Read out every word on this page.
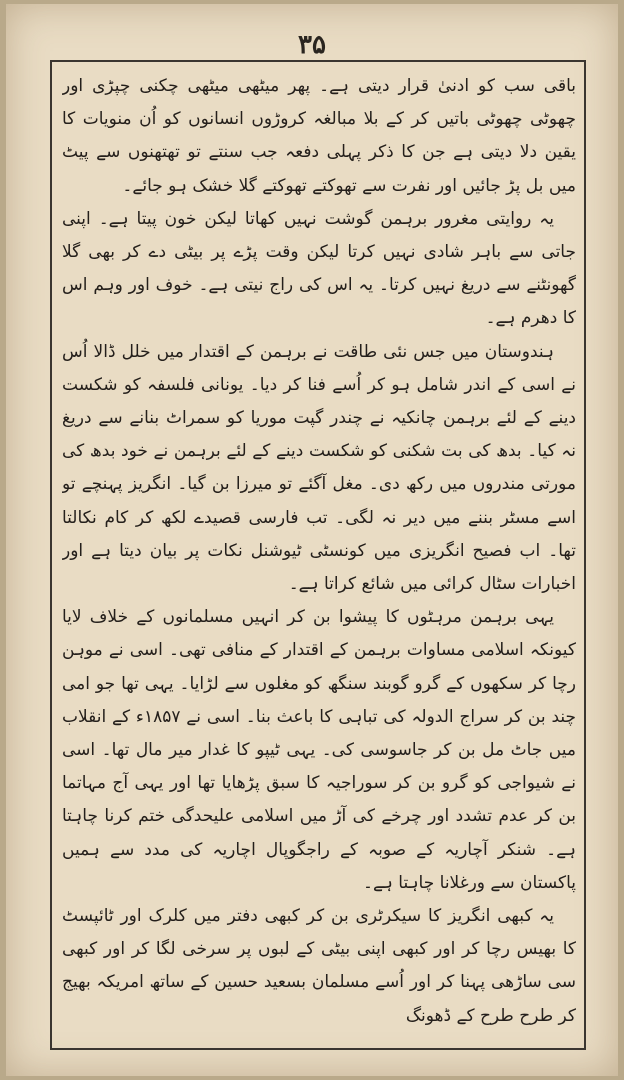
۳۵

باقی سب کو ادنیٰ قرار دیتی ہے۔ پھر میٹھی میٹھی چکنی چپڑی اور چھوٹی چھوٹی باتیں کر کے بلا مبالغہ کروڑوں انسانوں کو اُن منویات کا یقین دلا دیتی ہے جن کا ذکر پہلی دفعہ جب سنتے تو تھتھنوں سے پیٹ میں بل پڑ جائیں اور نفرت سے تھوکتے تھوکتے گلا خشک ہو جائے۔

یہ روایتی مغرور برہمن گوشت نہیں کھاتا لیکن خون پیتا ہے۔ اپنی جاتی سے باہر شادی نہیں کرتا لیکن وقت پڑے پر بیٹی دے کر بھی گلا گھونٹنے سے دریغ نہیں کرتا۔ یہ اس کی راج نیتی ہے۔ خوف اور وہم اس کا دھرم ہے۔

ہندوستان میں جس نئی طاقت نے برہمن کے اقتدار میں خلل ڈالا اُس نے اسی کے اندر شامل ہو کر اُسے فنا کر دیا۔ یونانی فلسفہ کو شکست دینے کے لئے برہمن چانکیہ نے چندر گپت موریا کو سمراٹ بنانے سے دریغ نہ کیا۔ بدھ کی بت شکنی کو شکست دینے کے لئے برہمن نے خود بدھ کی مورتی مندروں میں رکھ دی۔ مغل آگئے تو میرزا بن گیا۔ انگریز پہنچے تو اسے مسٹر بننے میں دیر نہ لگی۔ تب فارسی قصیدے لکھ کر کام نکالتا تھا۔ اب فصیح انگریزی میں کونسٹی ٹیوشنل نکات پر بیان دیتا ہے اور اخبارات سٹال کرائی میں شائع کراتا ہے۔

یہی برہمن مرہٹوں کا پیشوا بن کر انہیں مسلمانوں کے خلاف لایا کیونکہ اسلامی مساوات برہمن کے اقتدار کے منافی تھی۔ اسی نے موہن رچا کر سکھوں کے گرو گوبند سنگھ کو مغلوں سے لڑایا۔ یہی تھا جو امی چند بن کر سراج الدولہ کی تباہی کا باعث بنا۔ اسی نے ۱۸۵۷ء کے انقلاب میں جاٹ مل بن کر جاسوسی کی۔ یہی ٹیپو کا غدار میر مال تھا۔ اسی نے شیواجی کو گرو بن کر سوراجیہ کا سبق پڑھایا تھا اور یہی آج مہاتما بن کر عدم تشدد اور چرخے کی آڑ میں اسلامی علیحدگی ختم کرنا چاہتا ہے۔ شنکر آچاریہ کے صوبہ کے راجگوپال اچاریہ کی مدد سے ہمیں پاکستان سے ورغلانا چاہتا ہے۔

یہ کبھی انگریز کا سیکرٹری بن کر کبھی دفتر میں کلرک اور ٹائپسٹ کا بھیس رچا کر اور کبھی اپنی بیٹی کے لبوں پر سرخی لگا کر اور کبھی سی ساڑھی پہنا کر اور اُسے مسلمان بسعید حسین کے ساتھ امریکہ بھیج کر طرح طرح کے ڈھونگ
